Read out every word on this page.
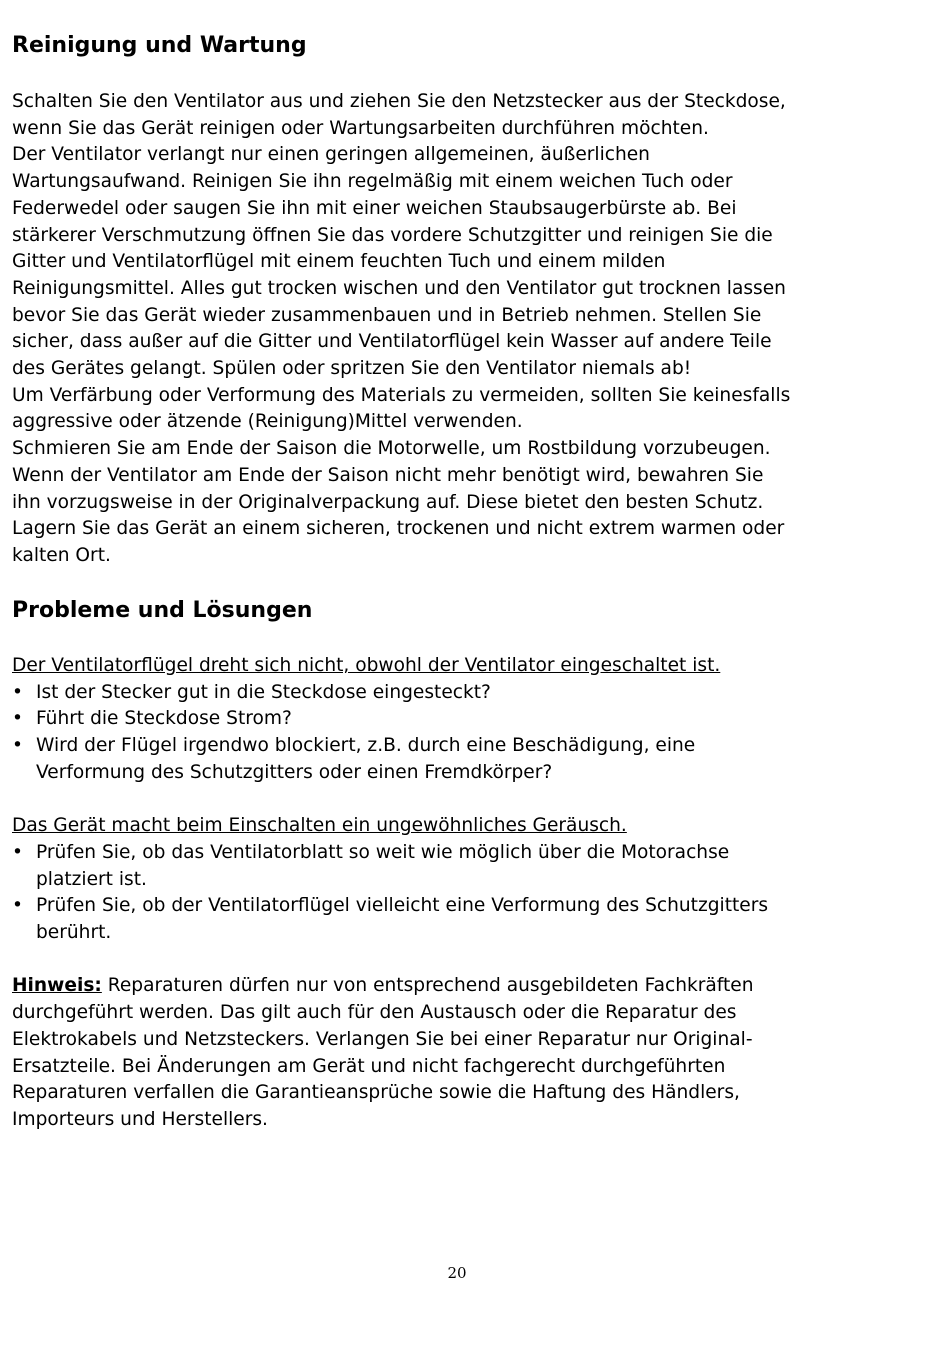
Reinigung und Wartung
Schalten Sie den Ventilator aus und ziehen Sie den Netzstecker aus der Steckdose,
wenn Sie das Gerät reinigen oder Wartungsarbeiten durchführen möchten.
Der Ventilator verlangt nur einen geringen allgemeinen, äußerlichen
Wartungsaufwand. Reinigen Sie ihn regelmäßig mit einem weichen Tuch oder
Federwedel oder saugen Sie ihn mit einer weichen Staubsaugerbürste ab. Bei
stärkerer Verschmutzung öffnen Sie das vordere Schutzgitter und reinigen Sie die
Gitter und Ventilatorflügel mit einem feuchten Tuch und einem milden
Reinigungsmittel. Alles gut trocken wischen und den Ventilator gut trocknen lassen
bevor Sie das Gerät wieder zusammenbauen und in Betrieb nehmen. Stellen Sie
sicher, dass außer auf die Gitter und Ventilatorflügel kein Wasser auf andere Teile
des Gerätes gelangt. Spülen oder spritzen Sie den Ventilator niemals ab!
Um Verfärbung oder Verformung des Materials zu vermeiden, sollten Sie keinesfalls
aggressive oder ätzende (Reinigung)Mittel verwenden.
Schmieren Sie am Ende der Saison die Motorwelle, um Rostbildung vorzubeugen.
Wenn der Ventilator am Ende der Saison nicht mehr benötigt wird, bewahren Sie
ihn vorzugsweise in der Originalverpackung auf. Diese bietet den besten Schutz.
Lagern Sie das Gerät an einem sicheren, trockenen und nicht extrem warmen oder
kalten Ort.
Probleme und Lösungen
Der Ventilatorflügel dreht sich nicht, obwohl der Ventilator eingeschaltet ist.
• Ist der Stecker gut in die Steckdose eingesteckt?
• Führt die Steckdose Strom?
• Wird der Flügel irgendwo blockiert, z.B. durch eine Beschädigung, eine
Verformung des Schutzgitters oder einen Fremdkörper?
Das Gerät macht beim Einschalten ein ungewöhnliches Geräusch.
• Prüfen Sie, ob das Ventilatorblatt so weit wie möglich über die Motorachse
platziert ist.
• Prüfen Sie, ob der Ventilatorflügel vielleicht eine Verformung des Schutzgitters
berührt.
Hinweis: Reparaturen dürfen nur von entsprechend ausgebildeten Fachkräften
durchgeführt werden. Das gilt auch für den Austausch oder die Reparatur des
Elektrokabels und Netzsteckers. Verlangen Sie bei einer Reparatur nur Original-
Ersatzteile. Bei Änderungen am Gerät und nicht fachgerecht durchgeführten
Reparaturen verfallen die Garantieansprüche sowie die Haftung des Händlers,
Importeurs und Herstellers.
20
